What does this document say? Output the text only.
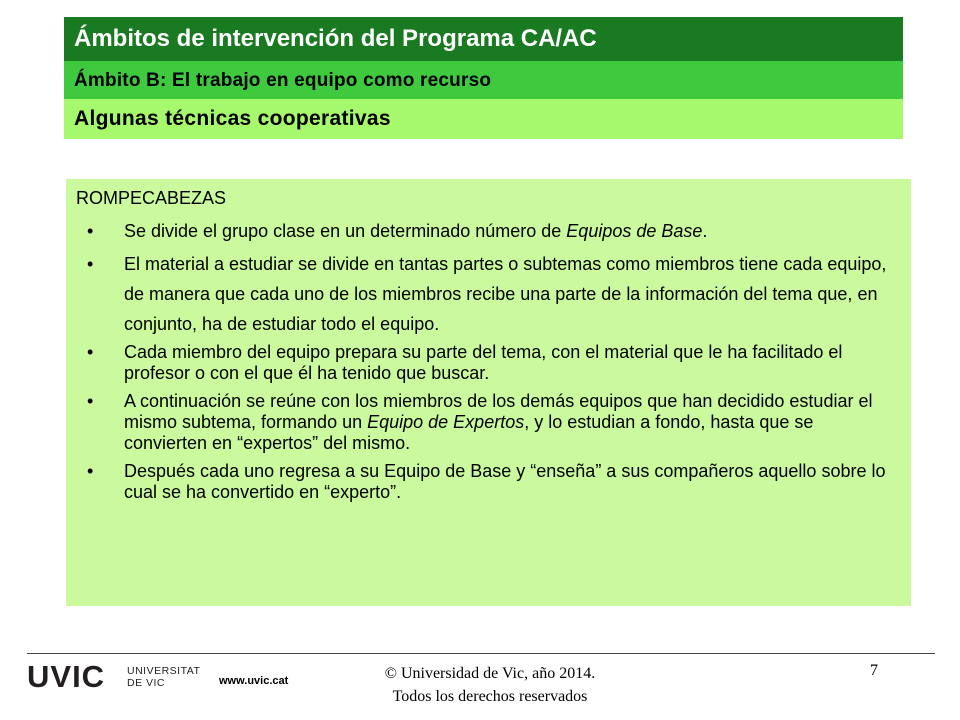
Ámbitos de intervención del Programa CA/AC
Ámbito B: El trabajo en equipo como recurso
Algunas técnicas cooperativas
ROMPECABEZAS
• Se divide el grupo clase en un determinado número de Equipos de Base.
• El material a estudiar se divide en tantas partes o subtemas como miembros tiene cada equipo, de manera que cada uno de los miembros recibe una parte de la información del tema que, en conjunto, ha de estudiar todo el equipo.
• Cada miembro del equipo prepara su parte del tema, con el material que le ha facilitado el profesor o con el que él ha tenido que buscar.
• A continuación se reúne con los miembros de los demás equipos que han decidido estudiar el mismo subtema, formando un Equipo de Expertos, y lo estudian a fondo, hasta que se convierten en “expertos” del mismo.
• Después cada uno regresa a su Equipo de Base y “enseña” a sus compañeros aquello sobre lo cual se ha convertido en “experto”.
UVIC UNIVERSITAT
DE VIC	www.uvic.cat	© Universidad de Vic, año 2014.
Todos los derechos reservados
7
